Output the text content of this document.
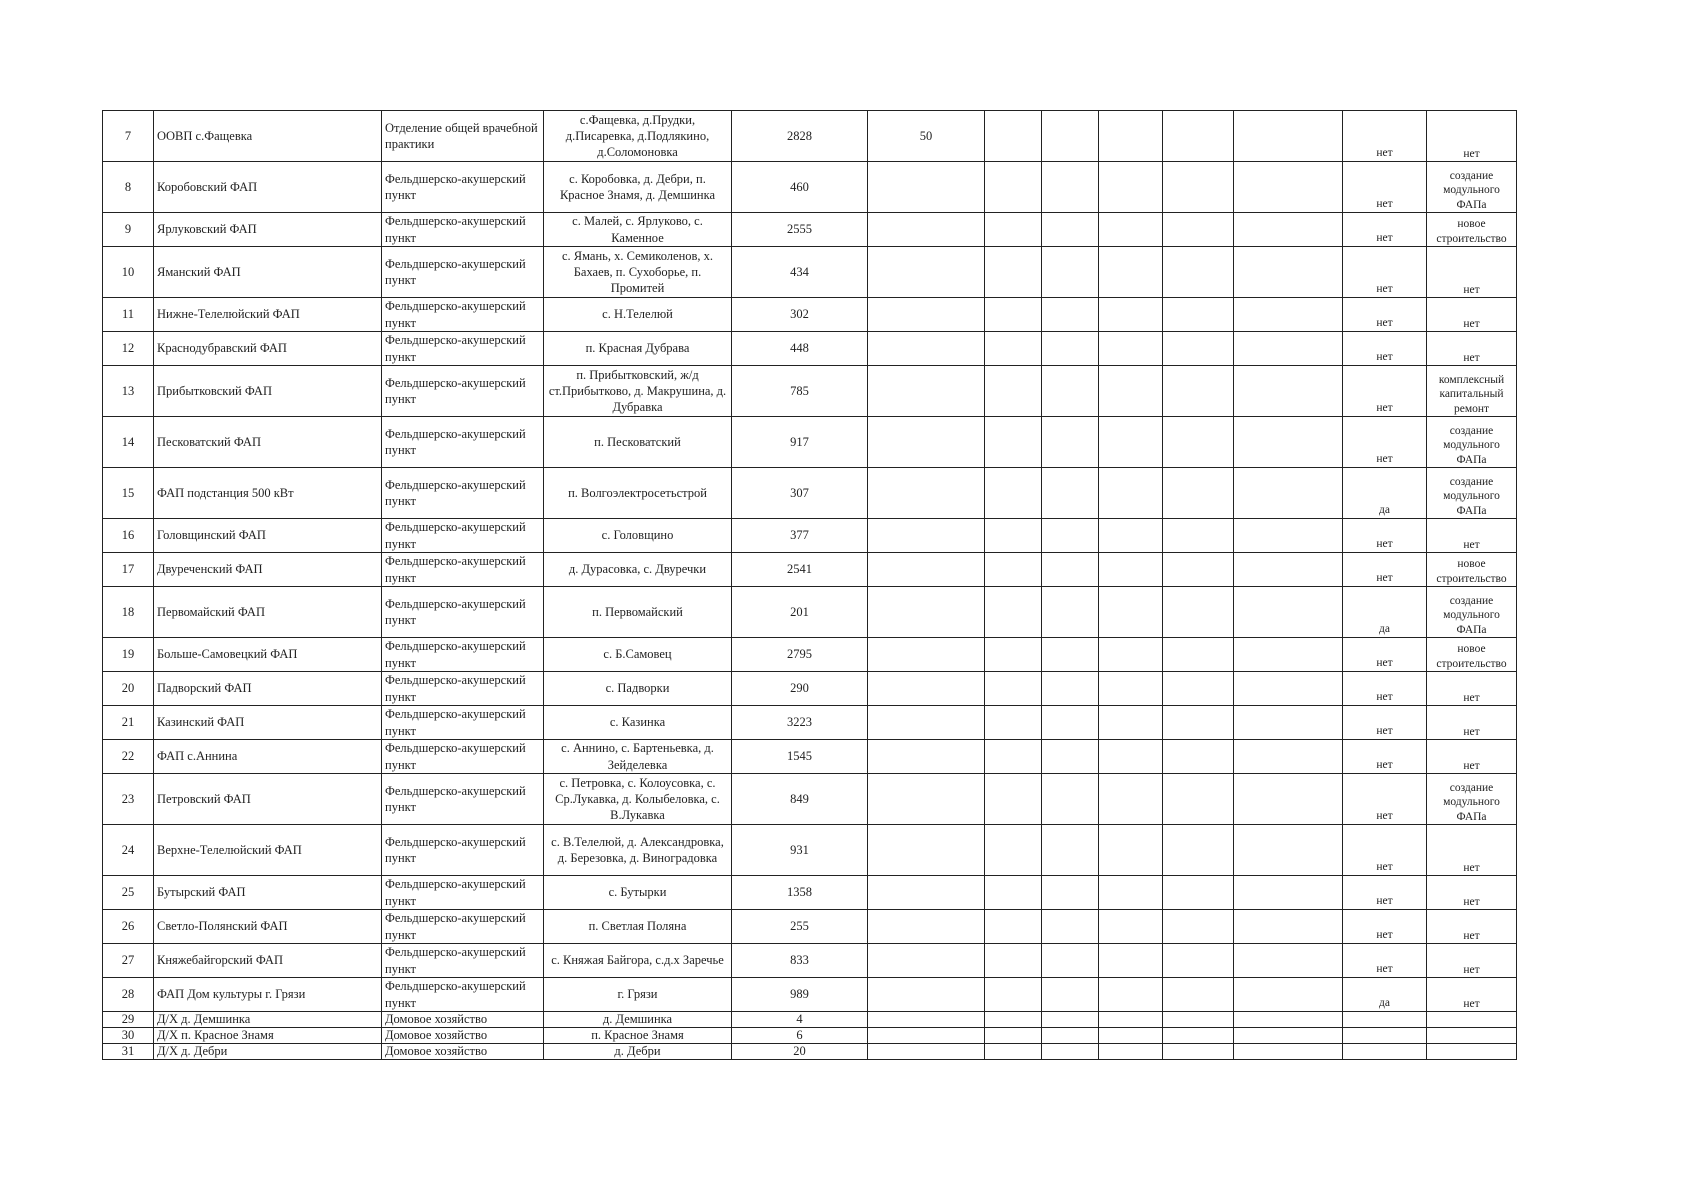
7	ООВП с.Фащевка	Отделение общей врачебной практики	с.Фащевка, д.Прудки, д.Писаревка, д.Подлякино, д.Соломоновка	2828	50						нет	нет
8	Коробовский ФАП	Фельдшерско-акушерский пункт	с. Коробовка, д. Дебри, п. Красное Знамя, д. Демшинка	460							нет	создание модульного ФАПа
9	Ярлуковский ФАП	Фельдшерско-акушерский пункт	с. Малей, с. Ярлуково, с. Каменное	2555							нет	новое строительство
10	Яманский ФАП	Фельдшерско-акушерский пункт	с. Ямань, х. Семиколенов, х. Бахаев, п. Сухоборье, п. Промитей	434							нет	нет
11	Нижне-Телелюйский ФАП	Фельдшерско-акушерский пункт	с. Н.Телелюй	302							нет	нет
12	Краснодубравский ФАП	Фельдшерско-акушерский пункт	п. Красная Дубрава	448							нет	нет
13	Прибытковский ФАП	Фельдшерско-акушерский пункт	п. Прибытковский, ж/д ст.Прибытково, д. Макрушина, д. Дубравка	785							нет	комплексный капитальный ремонт
14	Песковатский ФАП	Фельдшерско-акушерский пункт	п. Песковатский	917							нет	создание модульного ФАПа
15	ФАП подстанция 500 кВт	Фельдшерско-акушерский пункт	п. Волгоэлектросетьстрой	307							да	создание модульного ФАПа
16	Головщинский ФАП	Фельдшерско-акушерский пункт	с. Головщино	377							нет	нет
17	Двуреченский ФАП	Фельдшерско-акушерский пункт	д. Дурасовка, с. Двуречки	2541							нет	новое строительство
18	Первомайский ФАП	Фельдшерско-акушерский пункт	п. Первомайский	201							да	создание модульного ФАПа
19	Больше-Самовецкий ФАП	Фельдшерско-акушерский пункт	с. Б.Самовец	2795							нет	новое строительство
20	Падворский ФАП	Фельдшерско-акушерский пункт	с. Падворки	290							нет	нет
21	Казинский ФАП	Фельдшерско-акушерский пункт	с. Казинка	3223							нет	нет
22	ФАП с.Аннина	Фельдшерско-акушерский пункт	с. Аннино, с. Бартеньевка, д. Зейделевка	1545							нет	нет
23	Петровский ФАП	Фельдшерско-акушерский пункт	с. Петровка, с. Колоусовка, с. Ср.Лукавка, д. Колыбеловка, с. В.Лукавка	849							нет	создание модульного ФАПа
24	Верхне-Телелюйский ФАП	Фельдшерско-акушерский пункт	с. В.Телелюй, д. Александровка, д. Березовка, д. Виноградовка	931							нет	нет
25	Бутырский ФАП	Фельдшерско-акушерский пункт	с. Бутырки	1358							нет	нет
26	Светло-Полянский ФАП	Фельдшерско-акушерский пункт	п. Светлая Поляна	255							нет	нет
27	Княжебайгорский ФАП	Фельдшерско-акушерский пункт	с. Княжая Байгора, с.д.х Заречье	833							нет	нет
28	ФАП Дом культуры г. Грязи	Фельдшерско-акушерский пункт	г. Грязи	989							да	нет
29	Д/Х д. Демшинка	Домовое хозяйство	д. Демшинка	4								
30	Д/Х п. Красное Знамя	Домовое хозяйство	п. Красное Знамя	6								
31	Д/Х д. Дебри	Домовое хозяйство	д. Дебри	20								
